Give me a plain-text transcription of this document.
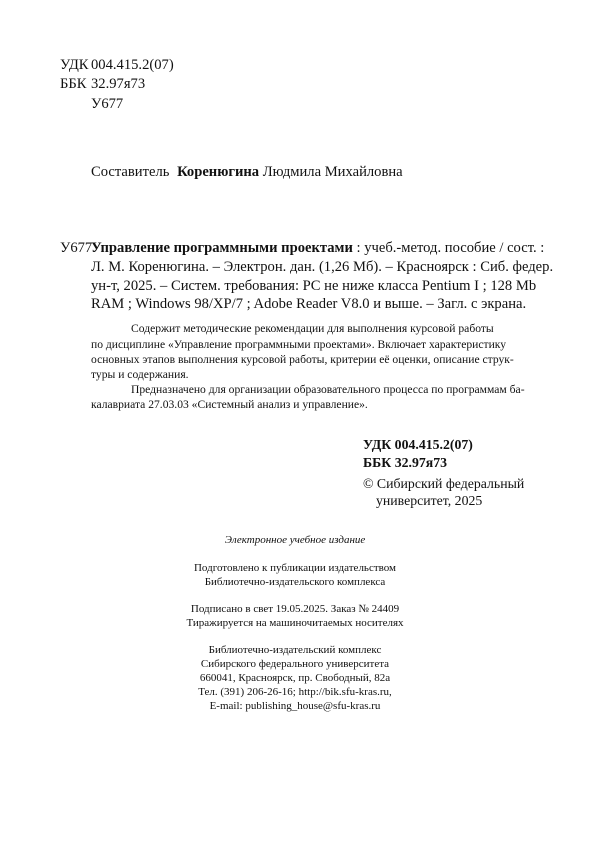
УДК 004.415.2(07)
ББК 32.97я73
У677
Составитель Коренюгина Людмила Михайловна
У677
Управление программными проектами : учеб.-метод. пособие / сост. :
Л. М. Коренюгина. – Электрон. дан. (1,26 Мб). – Красноярск : Сиб. федер.
ун-т, 2025. – Систем. требования: PC не ниже класса Pentium I ; 128 Mb
RAM ; Windows 98/XP/7 ; Adobe Reader V8.0 и выше. – Загл. с экрана.
Содержит методические рекомендации для выполнения курсовой работы
по дисциплине «Управление программными проектами». Включает характеристику
основных этапов выполнения курсовой работы, критерии её оценки, описание струк-
туры и содержания.
Предназначено для организации образовательного процесса по программам ба-
калавриата 27.03.03 «Системный анализ и управление».
УДК 004.415.2(07)
ББК 32.97я73
© Сибирский федеральный
университет, 2025
Электронное учебное издание
Подготовлено к публикации издательством
Библиотечно-издательского комплекса
Подписано в свет 19.05.2025. Заказ № 24409
Тиражируется на машиночитаемых носителях
Библиотечно-издательский комплекс
Сибирского федерального университета
660041, Красноярск, пр. Свободный, 82а
Тел. (391) 206-26-16; http://bik.sfu-kras.ru,
E-mail: publishing_house@sfu-kras.ru
